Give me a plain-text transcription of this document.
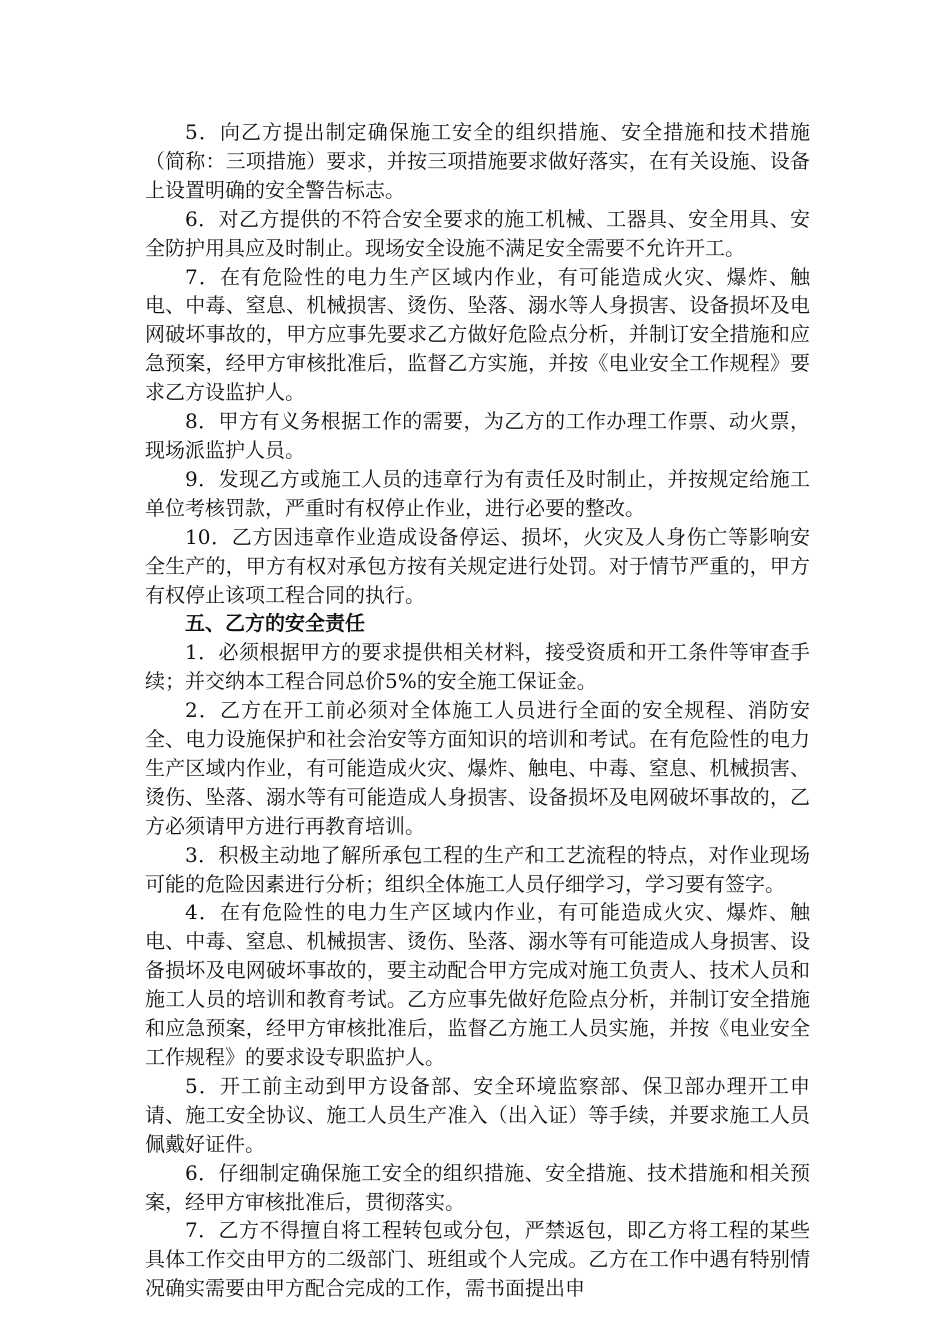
5．向乙方提出制定确保施工安全的组织措施、安全措施和技术措施（简称：三项措施）要求，并按三项措施要求做好落实，在有关设施、设备上设置明确的安全警告标志。

6．对乙方提供的不符合安全要求的施工机械、工器具、安全用具、安全防护用具应及时制止。现场安全设施不满足安全需要不允许开工。

7．在有危险性的电力生产区域内作业，有可能造成火灾、爆炸、触电、中毒、窒息、机械损害、烫伤、坠落、溺水等人身损害、设备损坏及电网破坏事故的，甲方应事先要求乙方做好危险点分析，并制订安全措施和应急预案，经甲方审核批准后，监督乙方实施，并按《电业安全工作规程》要求乙方设监护人。

8．甲方有义务根据工作的需要，为乙方的工作办理工作票、动火票，现场派监护人员。

9．发现乙方或施工人员的违章行为有责任及时制止，并按规定给施工单位考核罚款，严重时有权停止作业，进行必要的整改。

10．乙方因违章作业造成设备停运、损坏，火灾及人身伤亡等影响安全生产的，甲方有权对承包方按有关规定进行处罚。对于情节严重的，甲方有权停止该项工程合同的执行。

五、乙方的安全责任

1．必须根据甲方的要求提供相关材料，接受资质和开工条件等审查手续；并交纳本工程合同总价5%的安全施工保证金。

2．乙方在开工前必须对全体施工人员进行全面的安全规程、消防安全、电力设施保护和社会治安等方面知识的培训和考试。在有危险性的电力生产区域内作业，有可能造成火灾、爆炸、触电、中毒、窒息、机械损害、烫伤、坠落、溺水等有可能造成人身损害、设备损坏及电网破坏事故的，乙方必须请甲方进行再教育培训。

3．积极主动地了解所承包工程的生产和工艺流程的特点，对作业现场可能的危险因素进行分析；组织全体施工人员仔细学习，学习要有签字。

4．在有危险性的电力生产区域内作业，有可能造成火灾、爆炸、触电、中毒、窒息、机械损害、烫伤、坠落、溺水等有可能造成人身损害、设备损坏及电网破坏事故的，要主动配合甲方完成对施工负责人、技术人员和施工人员的培训和教育考试。乙方应事先做好危险点分析，并制订安全措施和应急预案，经甲方审核批准后，监督乙方施工人员实施，并按《电业安全工作规程》的要求设专职监护人。

5．开工前主动到甲方设备部、安全环境监察部、保卫部办理开工申请、施工安全协议、施工人员生产准入（出入证）等手续，并要求施工人员佩戴好证件。

6．仔细制定确保施工安全的组织措施、安全措施、技术措施和相关预案，经甲方审核批准后，贯彻落实。

7．乙方不得擅自将工程转包或分包，严禁返包，即乙方将工程的某些具体工作交由甲方的二级部门、班组或个人完成。乙方在工作中遇有特别情况确实需要由甲方配合完成的工作，需书面提出申
